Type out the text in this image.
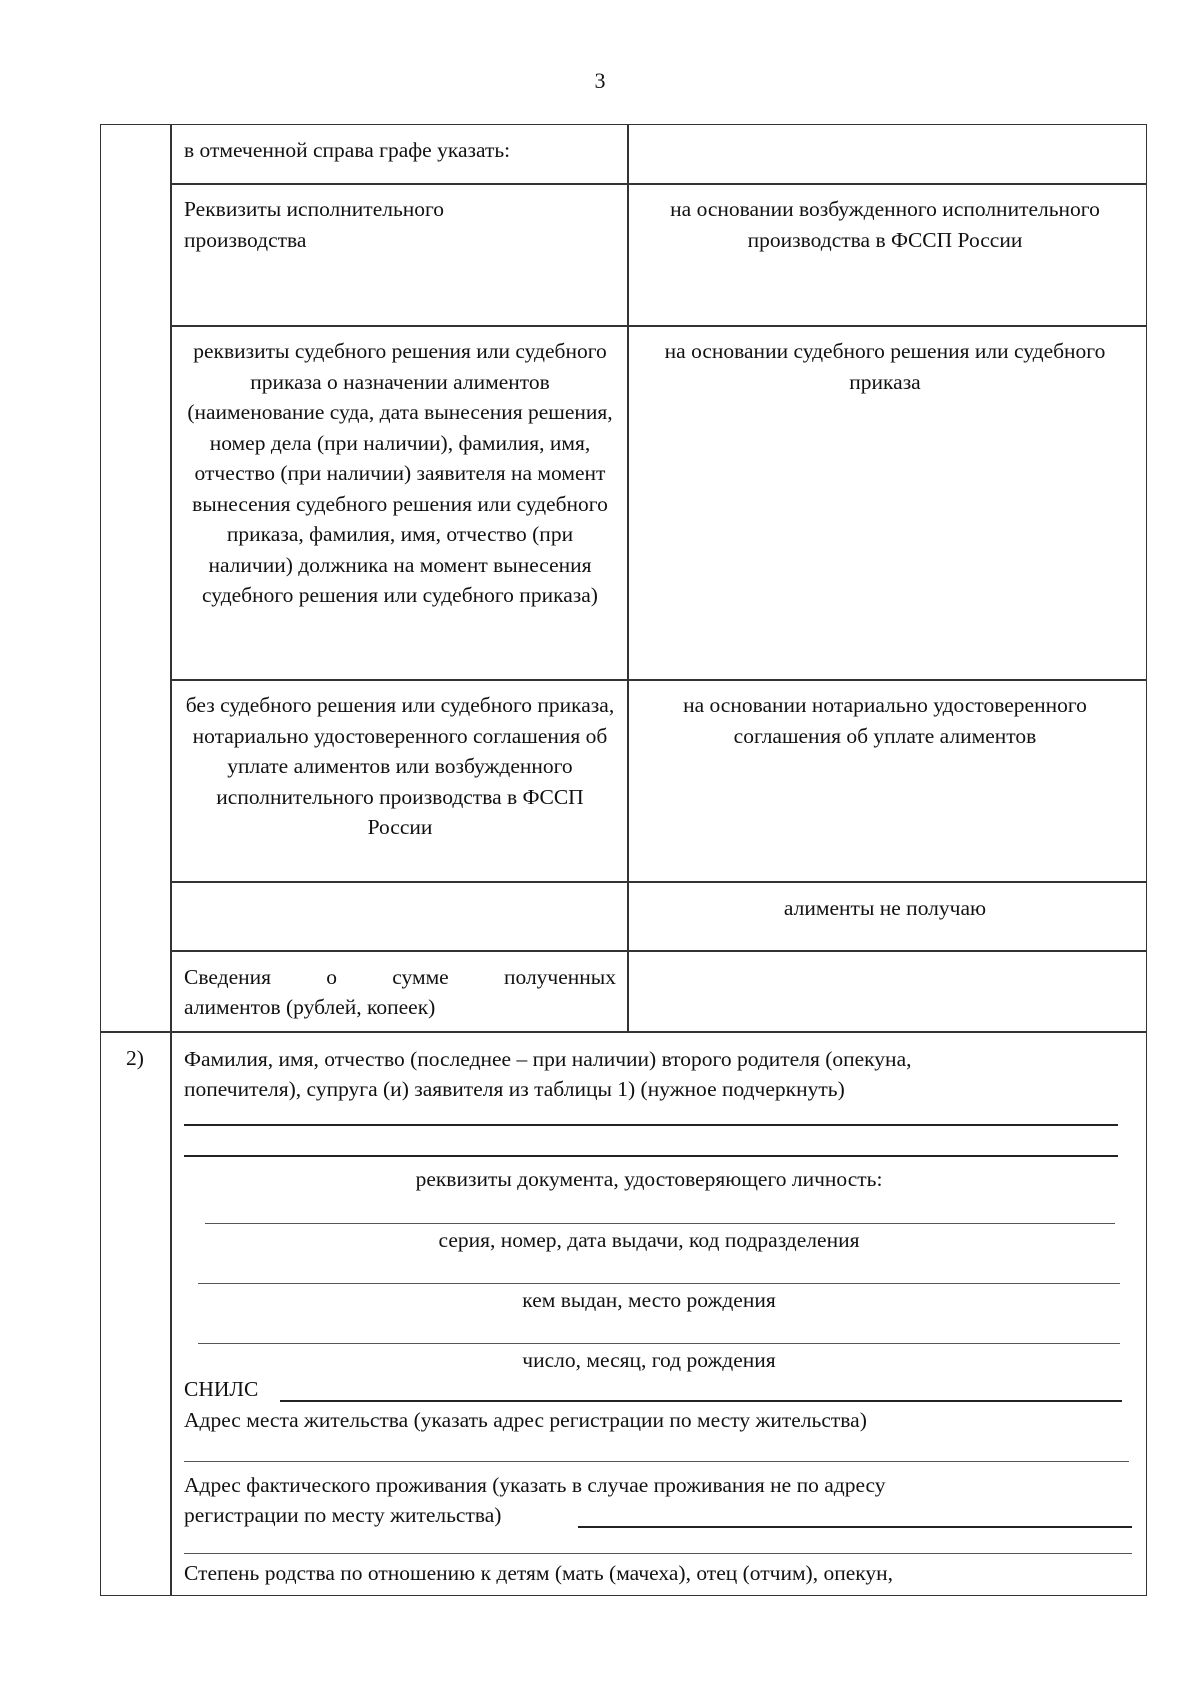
3
в отмеченной справа графе указать:
Реквизиты исполнительного производства
на основании возбужденного исполнительного производства в ФССП России
реквизиты судебного решения или судебного приказа о назначении алиментов (наименование суда, дата вынесения решения, номер дела (при наличии), фамилия, имя, отчество (при наличии) заявителя на момент вынесения судебного решения или судебного приказа, фамилия, имя, отчество (при наличии) должника на момент вынесения судебного решения или судебного приказа)
на основании судебного решения или судебного приказа
без судебного решения или судебного приказа, нотариально удостоверенного соглашения об уплате алиментов или возбужденного исполнительного производства в ФССП России
на основании нотариально удостоверенного соглашения об уплате алиментов
алименты не получаю
Сведения о сумме полученных
алиментов (рублей, копеек)
2)	Фамилия, имя, отчество (последнее – при наличии) второго родителя (опекуна,
попечителя), супруга (и) заявителя из таблицы 1) (нужное подчеркнуть)
реквизиты документа, удостоверяющего личность:
серия, номер, дата выдачи, код подразделения
кем выдан, место рождения
число, месяц, год рождения
СНИЛС
Адрес места жительства (указать адрес регистрации по месту жительства)
Адрес фактического проживания (указать в случае проживания не по адресу
регистрации по месту жительства)
Степень родства по отношению к детям (мать (мачеха), отец (отчим), опекун,
